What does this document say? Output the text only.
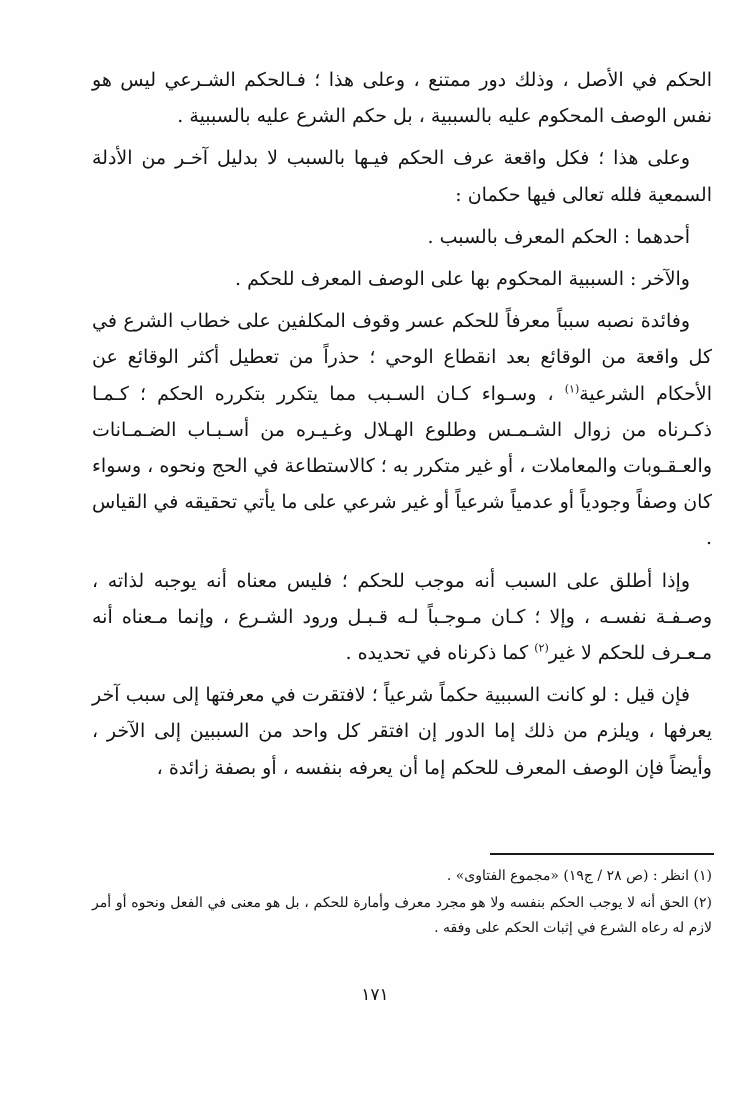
الحكم في الأصل ، وذلك دور ممتنع ، وعلى هذا ؛ فـالحكم الشـرعي ليس هو نفس الوصف المحكوم عليه بالسببية ، بل حكم الشرع عليه بالسببية .

وعلى هذا ؛ فكل واقعة عرف الحكم فيـها بالسبب لا بدليل آخـر من الأدلة السمعية فلله تعالى فيها حكمان :

أحدهما : الحكم المعرف بالسبب .

والآخر : السببية المحكوم بها على الوصف المعرف للحكم .

وفائدة نصبه سبباً معرفاً للحكم عسر وقوف المكلفين على خطاب الشرع في كل واقعة من الوقائع بعد انقطاع الوحي ؛ حذراً من تعطيل أكثر الوقائع عن الأحكام الشرعية$^{(١)}$ ، وسـواء كـان السـبب مما يتكرر بتكرره الحكم ؛ كـمـا ذكـرناه من زوال الشـمـس وطلوع الهـلال وغـيـره من أسـبـاب الضـمـانات والعـقـوبات والمعاملات ، أو غير متكرر به ؛ كالاستطاعة في الحج ونحوه ، وسواء كان وصفاً وجودياً أو عدمياً شرعياً أو غير شرعي على ما يأتي تحقيقه في القياس .

وإذا أطلق على السبب أنه موجب للحكم ؛ فليس معناه أنه يوجبه لذاته ، وصـفـة نفسـه ، وإلا ؛ كـان مـوجـباً لـه قـبـل ورود الشـرع ، وإنما مـعناه أنه مـعـرف للحكم لا غير$^{(٢)}$ كما ذكرناه في تحديده .

فإن قيل : لو كانت السببية حكماً شرعياً ؛ لافتقرت في معرفتها إلى سبب آخر يعرفها ، ويلزم من ذلك إما الدور إن افتقر كل واحد من السببين إلى الآخر ، وأيضاً فإن الوصف المعرف للحكم إما أن يعرفه بنفسه ، أو بصفة زائدة ،

(١) انظر : (ص ٢٨ / ج١٩) «مجموع الفتاوى» .

(٢) الحق أنه لا يوجب الحكم بنفسه ولا هو مجرد معرف وأمارة للحكم ، بل هو معنى في الفعل ونحوه أو أمر لازم له رعاه الشرع في إثبات الحكم على وفقه .

١٧١
